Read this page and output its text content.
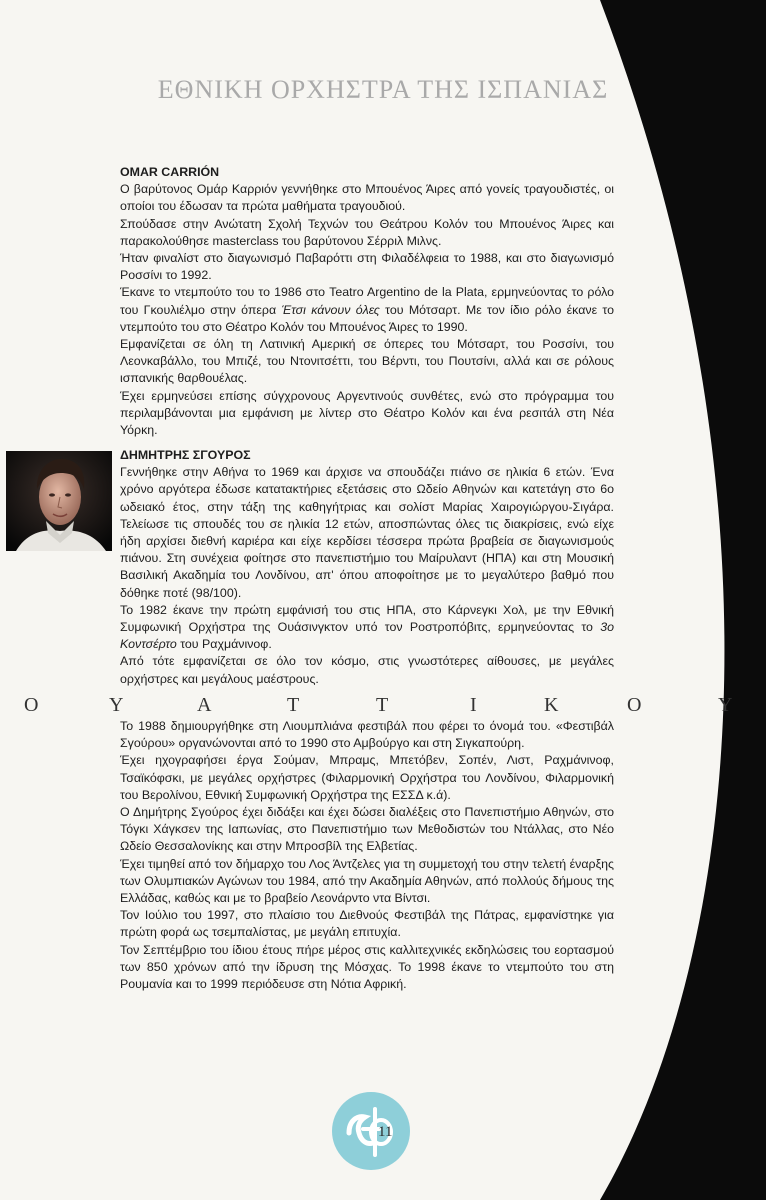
ΕΘΝΙΚΗ ΟΡΧΗΣΤΡΑ ΤΗΣ ΙΣΠΑΝΙΑΣ

OMAR CARRIÓN

Ο βαρύτονος Ομάρ Καρριόν γεννήθηκε στο Μπουένος Άιρες από γονείς τραγουδιστές, οι οποίοι του έδωσαν τα πρώτα μαθήματα τραγουδιού.

Σπούδασε στην Ανώτατη Σχολή Τεχνών του Θεάτρου Κολόν του Μπουένος Άιρες και παρακολούθησε masterclass του βαρύτονου Σέρριλ Μιλνς.

Ήταν φιναλίστ στο διαγωνισμό Παβαρόττι στη Φιλαδέλφεια το 1988, και στο διαγωνισμό Ροσσίνι το 1992.

Έκανε το ντεμπούτο του το 1986 στο Teatro Argentino de la Plata, ερμηνεύοντας το ρόλο του Γκουλιέλμο στην όπερα Έτσι κάνουν όλες του Μότσαρτ. Με τον ίδιο ρόλο έκανε το ντεμπούτο του στο Θέατρο Κολόν του Μπουένος Άιρες το 1990.

Εμφανίζεται σε όλη τη Λατινική Αμερική σε όπερες του Μότσαρτ, του Ροσσίνι, του Λεονκαβάλλο, του Μπιζέ, του Ντονιτσέττι, του Βέρντι, του Πουτσίνι, αλλά και σε ρόλους ισπανικής θαρθουέλας.

Έχει ερμηνεύσει επίσης σύγχρονους Αργεντινούς συνθέτες, ενώ στο πρόγραμμα του περιλαμβάνονται μια εμφάνιση με λίντερ στο Θέατρο Κολόν και ένα ρεσιτάλ στη Νέα Υόρκη.

ΔΗΜΗΤΡΗΣ ΣΓΟΥΡΟΣ

Γεννήθηκε στην Αθήνα το 1969 και άρχισε να σπουδάζει πιάνο σε ηλικία 6 ετών. Ένα χρόνο αργότερα έδωσε κατατακτήριες εξετάσεις στο Ωδείο Αθηνών και κατετάγη στο 6ο ωδειακό έτος, στην τάξη της καθηγήτριας και σολίστ Μαρίας Χαιρογιώργου-Σιγάρα. Τελείωσε τις σπουδές του σε ηλικία 12 ετών, αποσπώντας όλες τις διακρίσεις, ενώ είχε ήδη αρχίσει διεθνή καριέρα και είχε κερδίσει τέσσερα πρώτα βραβεία σε διαγωνισμούς πιάνου. Στη συνέχεια φοίτησε στο πανεπιστήμιο του Μαίρυλαντ (ΗΠΑ) και στη Μουσική Βασιλική Ακαδημία του Λονδίνου, απ' όπου αποφοίτησε με το μεγαλύτερο βαθμό που δόθηκε ποτέ (98/100).

Το 1982 έκανε την πρώτη εμφάνισή του στις ΗΠΑ, στο Κάρνεγκι Χολ, με την Εθνική Συμφωνική Ορχήστρα της Ουάσινγκτον υπό τον Ροστροπόβιτς, ερμηνεύοντας το 3ο Κοντσέρτο του Ραχμάνινοφ.

Από τότε εμφανίζεται σε όλο τον κόσμο, στις γνωστότερες αίθουσες, με μεγάλες ορχήστρες και μεγάλους μαέστρους.

Ο	Υ	Α	Τ	Τ	Ι	Κ	Ο	Υ

Το 1988 δημιουργήθηκε στη Λιουμπλιάνα φεστιβάλ που φέρει το όνομά του. «Φεστιβάλ Σγούρου» οργανώνονται από το 1990 στο Αμβούργο και στη Σιγκαπούρη.

Έχει ηχογραφήσει έργα Σούμαν, Μπραμς, Μπετόβεν, Σοπέν, Λιστ, Ραχμάνινοφ, Τσαϊκόφσκι, με μεγάλες ορχήστρες (Φιλαρμονική Ορχήστρα του Λονδίνου, Φιλαρμονική του Βερολίνου, Εθνική Συμφωνική Ορχήστρα της ΕΣΣΔ κ.ά).

Ο Δημήτρης Σγούρος έχει διδάξει και έχει δώσει διαλέξεις στο Πανεπιστήμιο Αθηνών, στο Τόγκι Χάγκσεν της Ιαπωνίας, στο Πανεπιστήμιο των Μεθοδιστών του Ντάλλας, στο Νέο Ωδείο Θεσσαλονίκης και στην Μπροσβίλ της Ελβετίας.

Έχει τιμηθεί από τον δήμαρχο του Λος Άντζελες για τη συμμετοχή του στην τελετή έναρξης των Ολυμπιακών Αγώνων του 1984, από την Ακαδημία Αθηνών, από πολλούς δήμους της Ελλάδας, καθώς και με το βραβείο Λεονάρντο ντα Βίντσι.

Τον Ιούλιο του 1997, στο πλαίσιο του Διεθνούς Φεστιβάλ της Πάτρας, εμφανίστηκε για πρώτη φορά ως τσεμπαλίστας, με μεγάλη επιτυχία.

Τον Σεπτέμβριο του ίδιου έτους πήρε μέρος στις καλλιτεχνικές εκδηλώσεις του εορτασμού των 850 χρόνων από την ίδρυση της Μόσχας. Το 1998 έκανε το ντεμπούτο του στη Ρουμανία και το 1999 περιόδευσε στη Νότια Αφρική.

11
